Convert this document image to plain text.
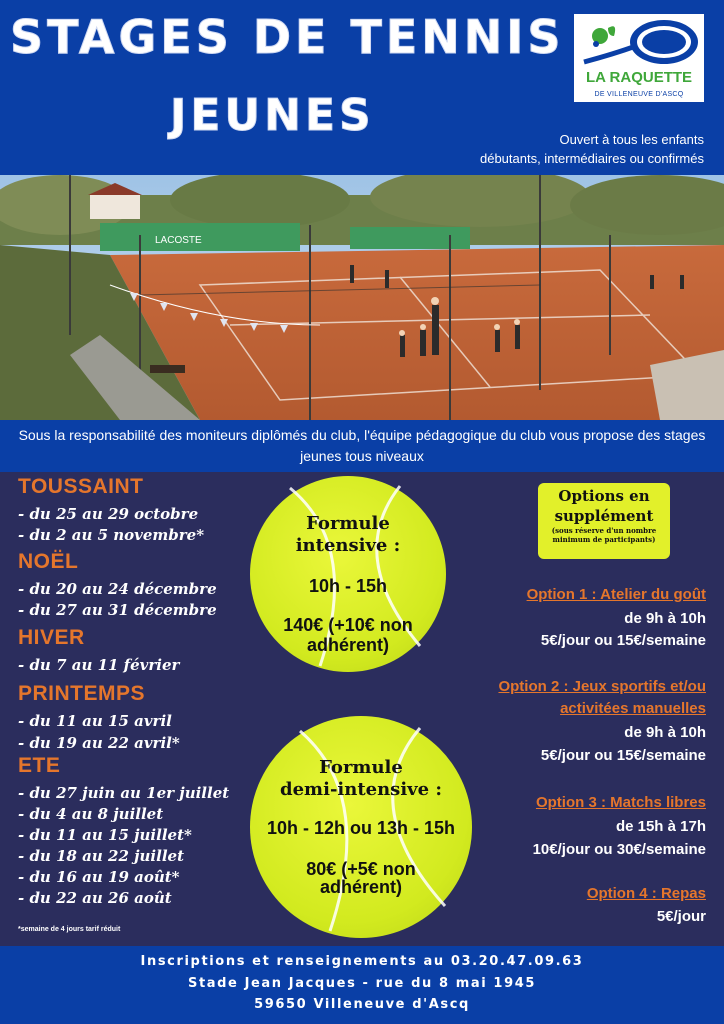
STAGES DE TENNIS
JEUNES
LA RAQUETTE
DE VILLENEUVE D'ASCQ
Ouvert à tous les enfants
débutants, intermédiaires ou confirmés
LACOSTE
Sous la responsabilité des moniteurs diplômés du club, l'équipe pédagogique du club vous propose des stages jeunes tous niveaux
TOUSSAINT
- du 25 au 29 octobre
- du 2 au 5 novembre*
NOËL
- du 20 au 24 décembre
- du 27 au 31 décembre
HIVER
- du 7 au 11 février
PRINTEMPS
- du 11 au 15 avril
- du 19 au 22 avril*
ETE
- du 27 juin au 1er juillet
- du 4 au 8 juillet
- du 11 au 15 juillet*
- du 18 au 22 juillet
- du 16 au 19 août*
- du 22 au 26 août
*semaine de 4 jours tarif réduit
Formule
intensive :
10h - 15h
140€ (+10€ non
adhérent)
Formule
demi-intensive :
10h - 12h ou 13h - 15h
80€ (+5€ non
adhérent)
Options en
supplément
(sous réserve d'un nombre
minimum de participants)
Option 1 : Atelier du goût
de 9h à 10h
5€/jour ou 15€/semaine
Option 2 : Jeux sportifs et/ou
activitées manuelles
de 9h à 10h
5€/jour ou 15€/semaine
Option 3 : Matchs libres
de 15h à 17h
10€/jour ou 30€/semaine
Option 4 : Repas
5€/jour
Inscriptions et renseignements au 03.20.47.09.63
Stade Jean Jacques - rue du 8 mai 1945
59650 Villeneuve d'Ascq
